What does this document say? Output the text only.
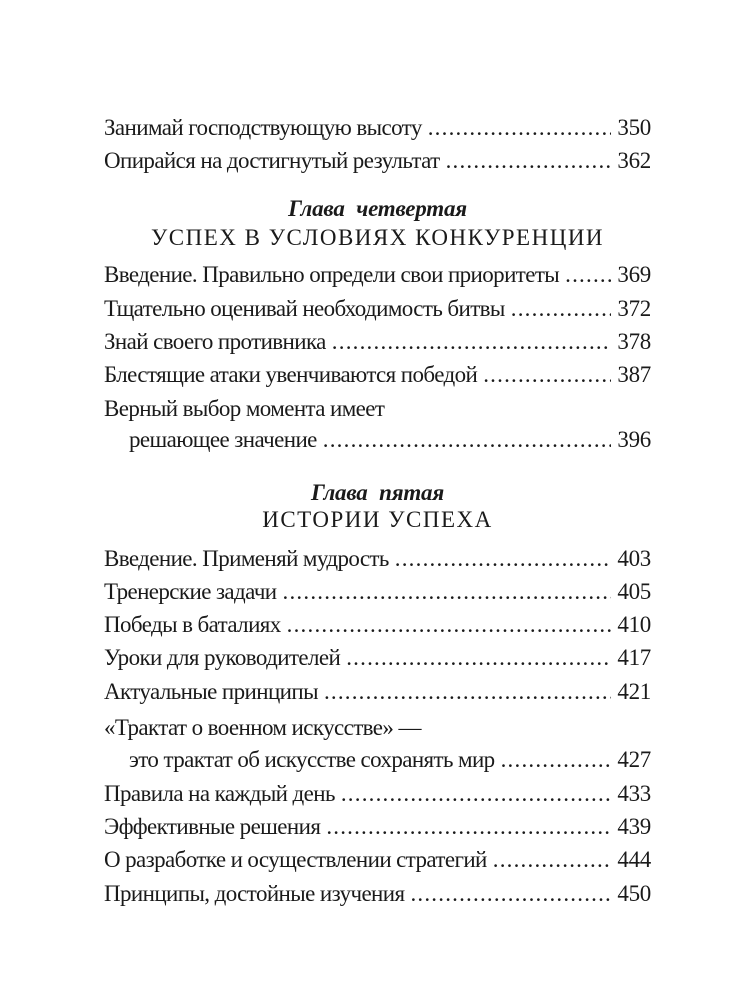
Занимай господствующую высоту .....	350
Опирайся на достигнутый результат .....	362
Глава четвертая
УСПЕХ В УСЛОВИЯХ КОНКУРЕНЦИИ
Введение. Правильно определи свои приоритеты .....	369
Тщательно оценивай необходимость битвы .....	372
Знай своего противника .....	378
Блестящие атаки увенчиваются победой .....	387
Верный выбор момента имеет
решающее значение .....	396
Глава пятая
ИСТОРИИ УСПЕХА
Введение. Применяй мудрость .....	403
Тренерские задачи .....	405
Победы в баталиях .....	410
Уроки для руководителей .....	417
Актуальные принципы .....	421
«Трактат о военном искусстве» —
это трактат об искусстве сохранять мир .....	427
Правила на каждый день .....	433
Эффективные решения .....	439
О разработке и осуществлении стратегий .....	444
Принципы, достойные изучения .....	450
